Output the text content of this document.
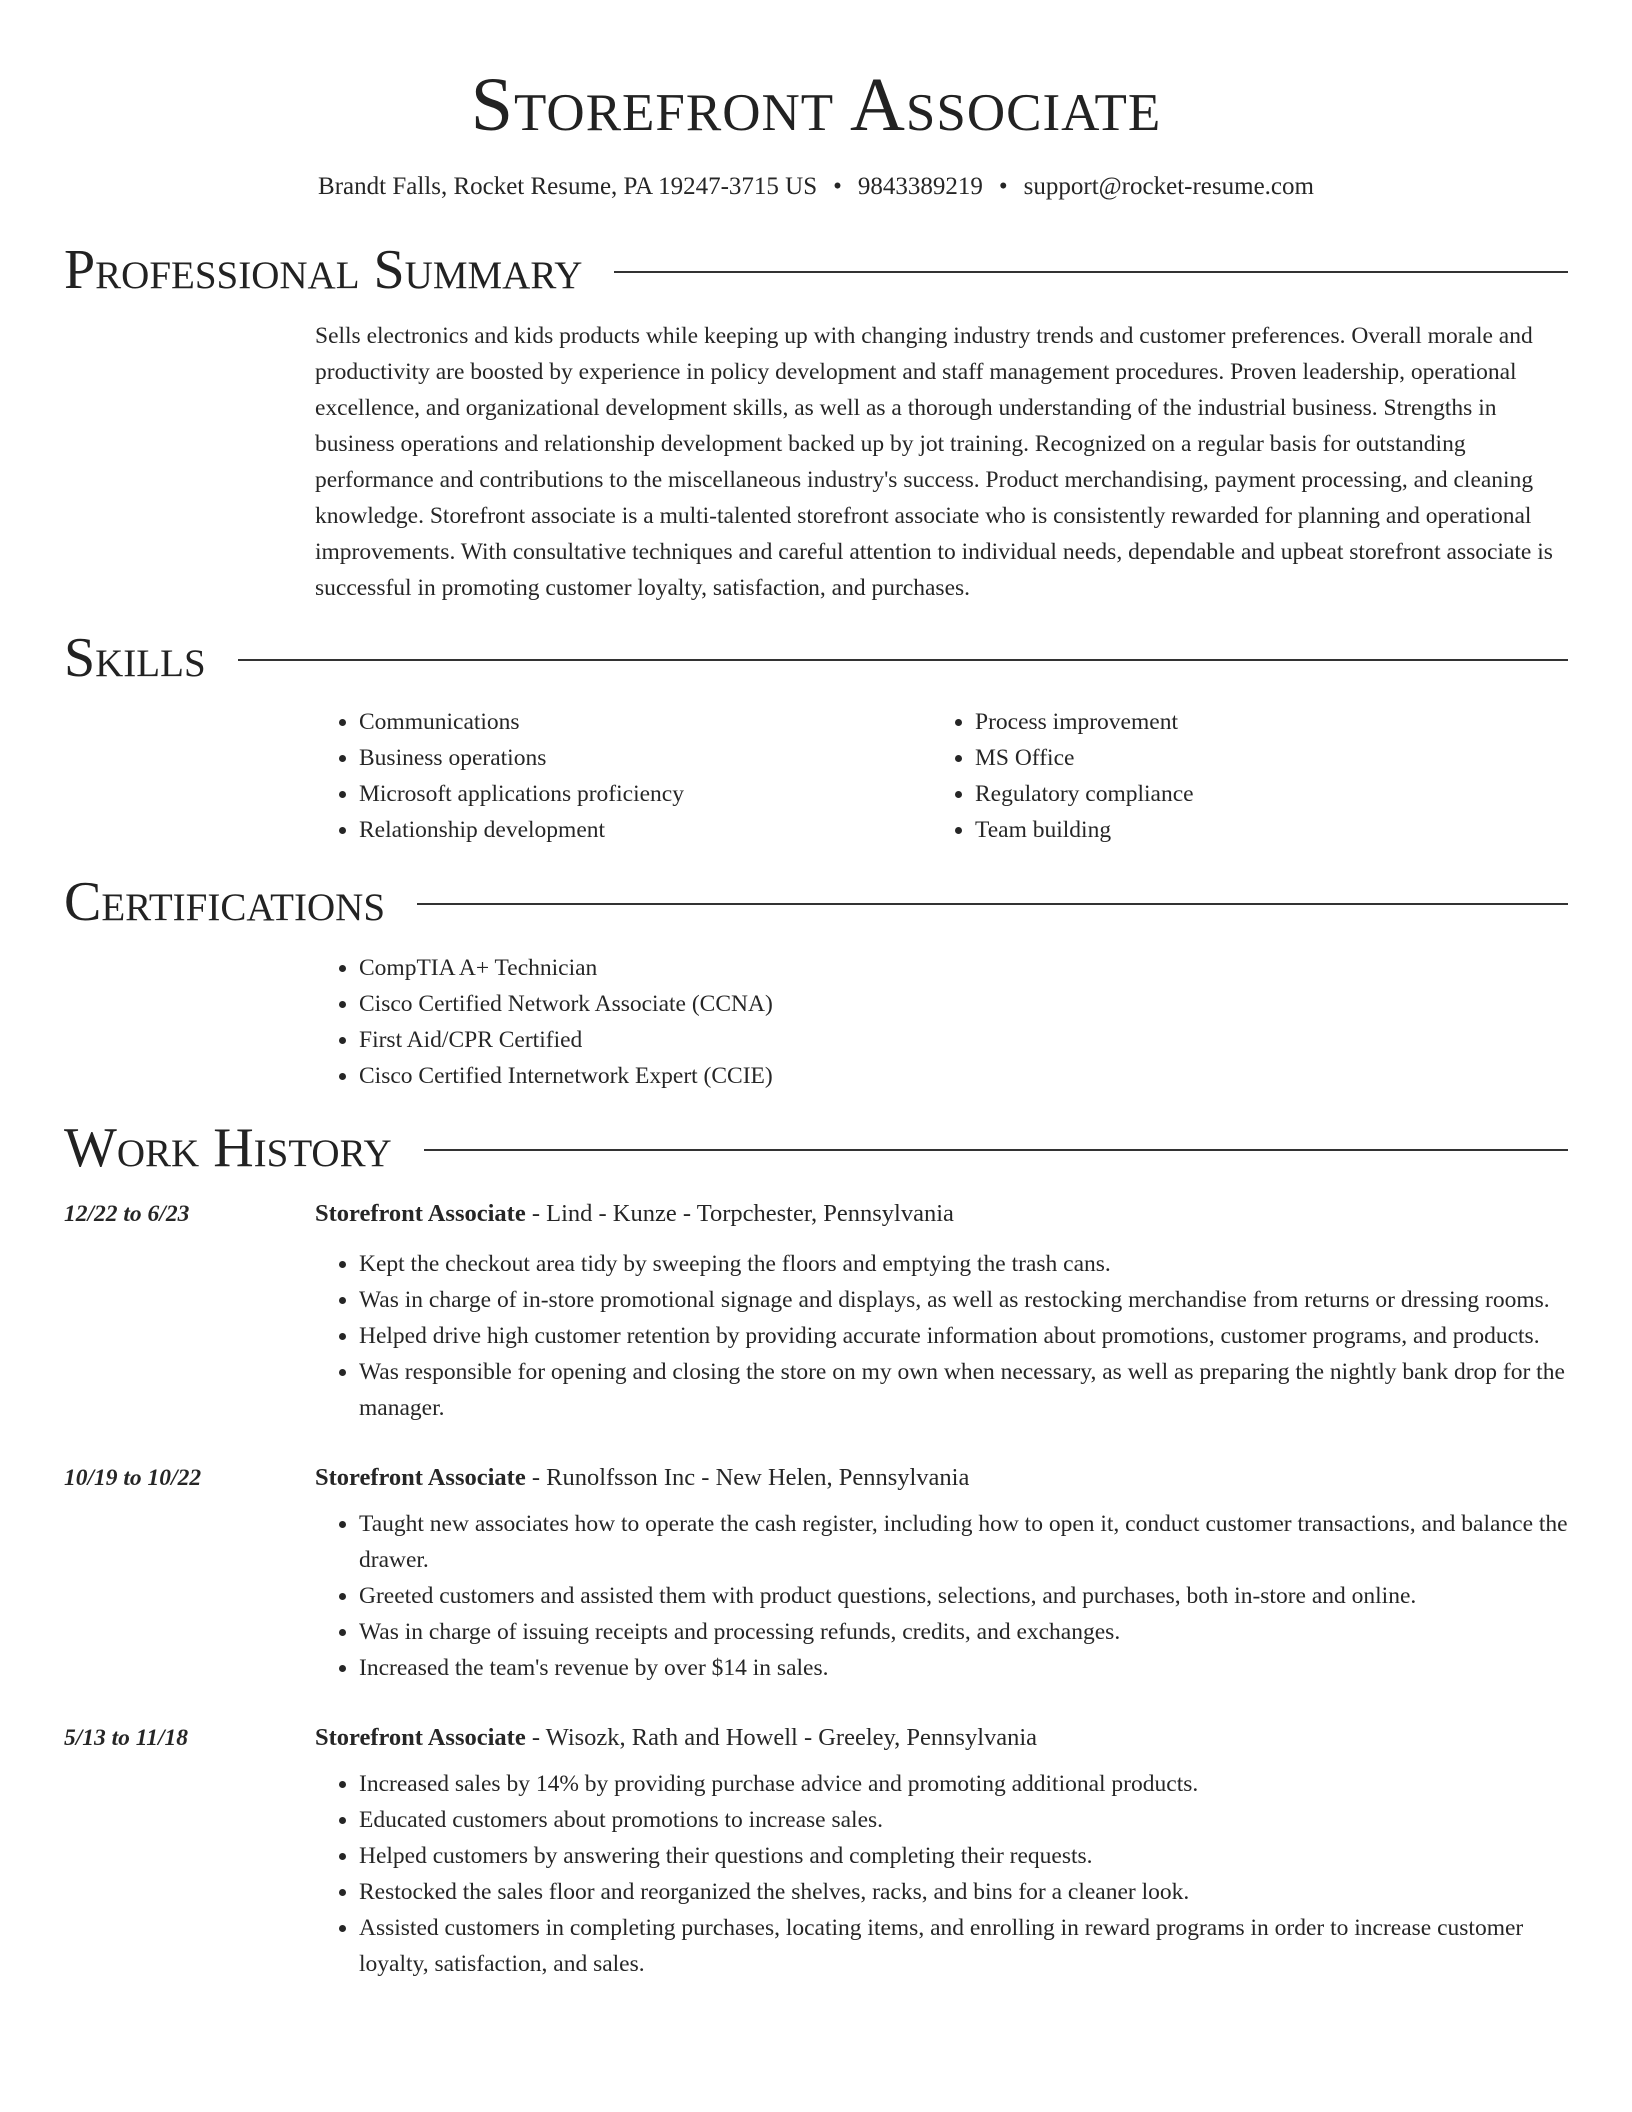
Storefront Associate
Brandt Falls, Rocket Resume, PA 19247-3715 US • 9843389219 • support@rocket-resume.com
Professional Summary

Sells electronics and kids products while keeping up with changing industry trends and customer preferences. Overall morale and productivity are boosted by experience in policy development and staff management procedures. Proven leadership, operational excellence, and organizational development skills, as well as a thorough understanding of the industrial business. Strengths in business operations and relationship development backed up by jot training. Recognized on a regular basis for outstanding performance and contributions to the miscellaneous industry's success. Product merchandising, payment processing, and cleaning knowledge. Storefront associate is a multi-talented storefront associate who is consistently rewarded for planning and operational improvements. With consultative techniques and careful attention to individual needs, dependable and upbeat storefront associate is successful in promoting customer loyalty, satisfaction, and purchases.

Skills
• Communications
• Business operations
• Microsoft applications proficiency
• Relationship development
• Process improvement
• MS Office
• Regulatory compliance
• Team building
Certifications
• CompTIA A+ Technician
• Cisco Certified Network Associate (CCNA)
• First Aid/CPR Certified
• Cisco Certified Internetwork Expert (CCIE)
Work History
12/22 to 6/23	Storefront Associate - Lind - Kunze - Torpchester, Pennsylvania
• Kept the checkout area tidy by sweeping the floors and emptying the trash cans.
• Was in charge of in-store promotional signage and displays, as well as restocking merchandise from returns or dressing rooms.
• Helped drive high customer retention by providing accurate information about promotions, customer programs, and products.
• Was responsible for opening and closing the store on my own when necessary, as well as preparing the nightly bank drop for the manager.
10/19 to 10/22	Storefront Associate - Runolfsson Inc - New Helen, Pennsylvania
• Taught new associates how to operate the cash register, including how to open it, conduct customer transactions, and balance the drawer.
• Greeted customers and assisted them with product questions, selections, and purchases, both in-store and online.
• Was in charge of issuing receipts and processing refunds, credits, and exchanges.
• Increased the team's revenue by over $14 in sales.
5/13 to 11/18	Storefront Associate - Wisozk, Rath and Howell - Greeley, Pennsylvania
• Increased sales by 14% by providing purchase advice and promoting additional products.
• Educated customers about promotions to increase sales.
• Helped customers by answering their questions and completing their requests.
• Restocked the sales floor and reorganized the shelves, racks, and bins for a cleaner look.
• Assisted customers in completing purchases, locating items, and enrolling in reward programs in order to increase customer loyalty, satisfaction, and sales.
